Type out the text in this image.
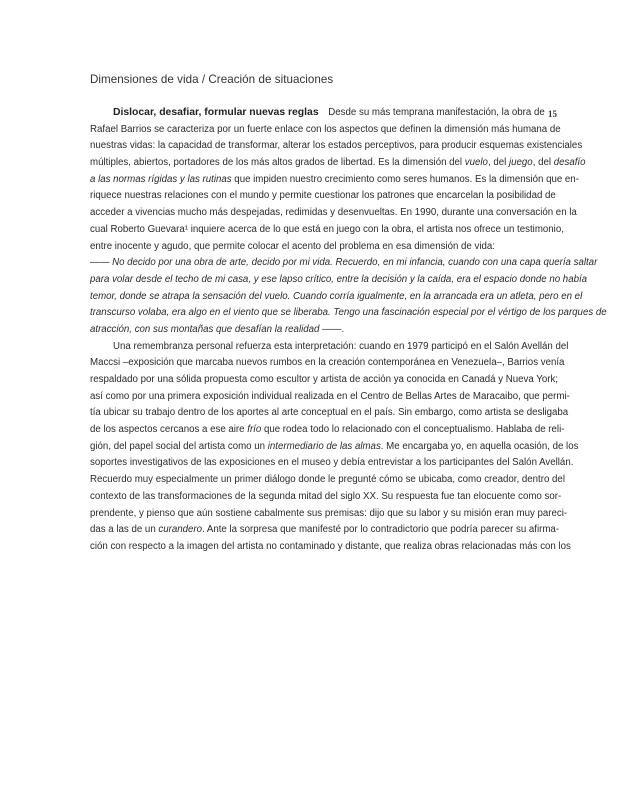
Dimensiones de vida / Creación de situaciones
15
Dislocar, desafiar, formular nuevas reglas  Desde su más temprana manifestación, la obra de
Rafael Barrios se caracteriza por un fuerte enlace con los aspectos que definen la dimensión más humana de
nuestras vidas: la capacidad de transformar, alterar los estados perceptivos, para producir esquemas existenciales
múltiples, abiertos, portadores de los más altos grados de libertad. Es la dimensión del vuelo, del juego, del desafío
a las normas rígidas y las rutinas que impiden nuestro crecimiento como seres humanos. Es la dimensión que en-
riquece nuestras relaciones con el mundo y permite cuestionar los patrones que encarcelan la posibilidad de
acceder a vivencias mucho más despejadas, redimidas y desenvueltas. En 1990, durante una conversación en la
cual Roberto Guevara¹ inquiere acerca de lo que está en juego con la obra, el artista nos ofrece un testimonio,
entre inocente y agudo, que permite colocar el acento del problema en esa dimensión de vida:
—— No decido por una obra de arte, decido por mi vida. Recuerdo, en mi infancia, cuando con una capa quería saltar
para volar desde el techo de mi casa, y ese lapso crítico, entre la decisión y la caída, era el espacio donde no había
temor, donde se atrapa la sensación del vuelo. Cuando corría igualmente, en la arrancada era un atleta, pero en el
transcurso volaba, era algo en el viento que se liberaba. Tengo una fascinación especial por el vértigo de los parques de
atracción, con sus montañas que desafían la realidad ——.
Una remembranza personal refuerza esta interpretación: cuando en 1979 participó en el Salón Avellán del
Maccsi –exposición que marcaba nuevos rumbos en la creación contemporánea en Venezuela–, Barrios venía
respaldado por una sólida propuesta como escultor y artista de acción ya conocida en Canadá y Nueva York;
así como por una primera exposición individual realizada en el Centro de Bellas Artes de Maracaibo, que permi-
tía ubicar su trabajo dentro de los aportes al arte conceptual en el país. Sin embargo, como artista se desligaba
de los aspectos cercanos a ese aire frío que rodea todo lo relacionado con el conceptualismo. Hablaba de reli-
gión, del papel social del artista como un intermediario de las almas. Me encargaba yo, en aquella ocasión, de los
soportes investigativos de las exposiciones en el museo y debía entrevistar a los participantes del Salón Avellán.
Recuerdo muy especialmente un primer diálogo donde le pregunté cómo se ubicaba, como creador, dentro del
contexto de las transformaciones de la segunda mitad del siglo XX. Su respuesta fue tan elocuente como sor-
prendente, y pienso que aún sostiene cabalmente sus premisas: dijo que su labor y su misión eran muy pareci-
das a las de un curandero. Ante la sorpresa que manifesté por lo contradictorio que podría parecer su afirma-
ción con respecto a la imagen del artista no contaminado y distante, que realiza obras relacionadas más con los
